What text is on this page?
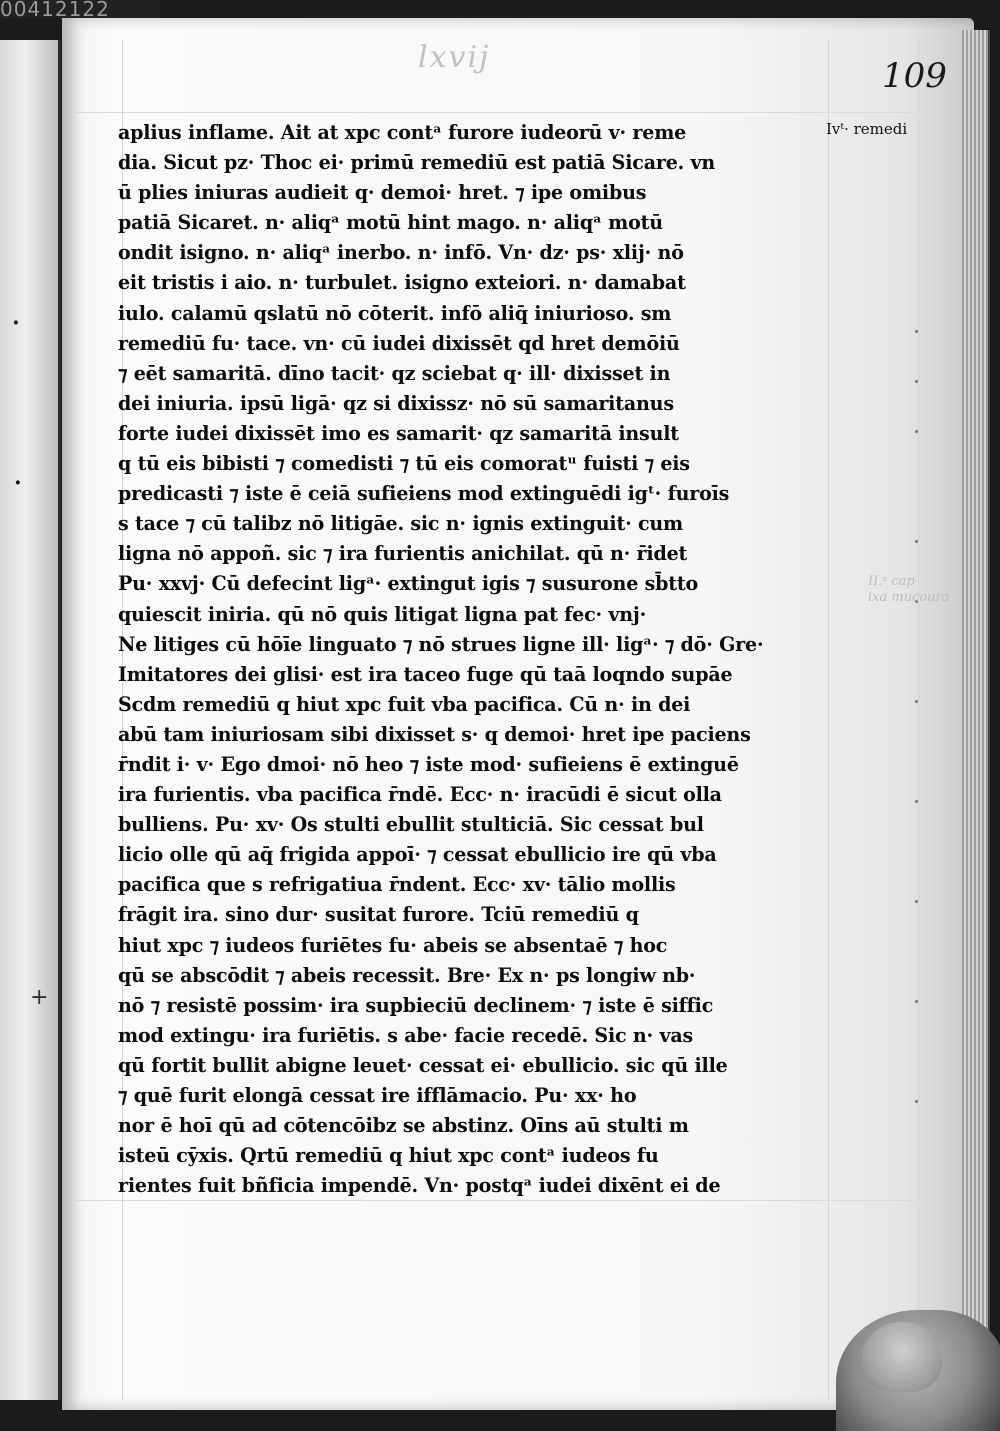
00412122
·
·
lxvij	109
Ivᵗ· remedi
II.ᵃ cap
ixa mucoura
+
aplius inflame. Ait at xpc contᵃ furore iudeorū v· reme
dia. Sicut pz· Thoc ei· primū remediū est patiā Sicare. vn
ū plies iniuras audieit q· demoi· hret. ⁊ ipe omibus
patiā Sicaret. n· aliqᵃ motū hint mago. n· aliqᵃ motū
ondit isigno. n· aliqᵃ inerbo. n· infō. Vn· dz· ps· xlij· nō
eit tristis i aio. n· turbulet. isigno exteiori. n· damabat
iulo. calamū qslatū nō cōterit. infō aliq̄ iniurioso. sm
remediū fu· tace. vn· cū iudei dixissēt qd hret demōiū
⁊ eēt samaritā. dīno tacit· qz sciebat q· ill· dixisset in
dei iniuria. ipsū ligā· qz si dixissz· nō sū samaritanus
forte iudei dixissēt imo es samarit· qz samaritā insult
q tū eis bibisti ⁊ comedisti ⁊ tū eis comoratᵘ fuisti ⁊ eis
predicasti ⁊ iste ē ceiā sufieiens mod extinguēdi igᵗ· furoīs
s tace ⁊ cū talibz nō litigāe. sic n· ignis extinguit· cum
ligna nō appoñ. sic ⁊ ira furientis anichilat. qū n· r̄idet
Pu· xxvj· Cū defecint ligᵃ· extingut igis ⁊ susurone sb̄tto
quiescit iniria. qū nō quis litigat ligna pat fec· vnj·
Ne litiges cū hōīe linguato ⁊ nō strues ligne ill· ligᵃ· ⁊ dō· Gre·
Imitatores dei glisi· est ira taceo fuge qū taā loqndo supāe
Scdm remediū q hiut xpc fuit vba pacifica. Cū n· in dei
abū tam iniuriosam sibi dixisset s· q demoi· hret ipe paciens
r̄ndit i· v· Ego dmoi· nō heo ⁊ iste mod· sufieiens ē extinguē
ira furientis. vba pacifica r̄ndē. Ecc· n· iracūdi ē sicut olla
bulliens. Pu· xv· Os stulti ebullit stulticiā. Sic cessat bul
licio olle qū aq̄ frigida appoī· ⁊ cessat ebullicio ire qū vba
pacifica que s refrigatiua r̄ndent. Ecc· xv· tālio mollis
frāgit ira. sino dur· susitat furore. Tciū remediū q
hiut xpc ⁊ iudeos furiētes fu· abeis se absentaē ⁊ hoc
qū se abscōdit ⁊ abeis recessit. Bre· Ex n· ps longiw nb·
nō ⁊ resistē possim· ira supbieciū declinem· ⁊ iste ē siffic
mod extingu· ira furiētis. s abe· facie recedē. Sic n· vas
qū fortit bullit abigne leuet· cessat ei· ebullicio. sic qū ille
⁊ quē furit elongā cessat ire ifflāmacio. Pu· xx· ho
nor ē hoī qū ad cōtencōibz se abstinz. Oīns aū stulti m
isteū cȳxis. Qrtū remediū q hiut xpc contᵃ iudeos fu
rientes fuit bñficia impendē. Vn· postqᵃ iudei dixēnt ei de
